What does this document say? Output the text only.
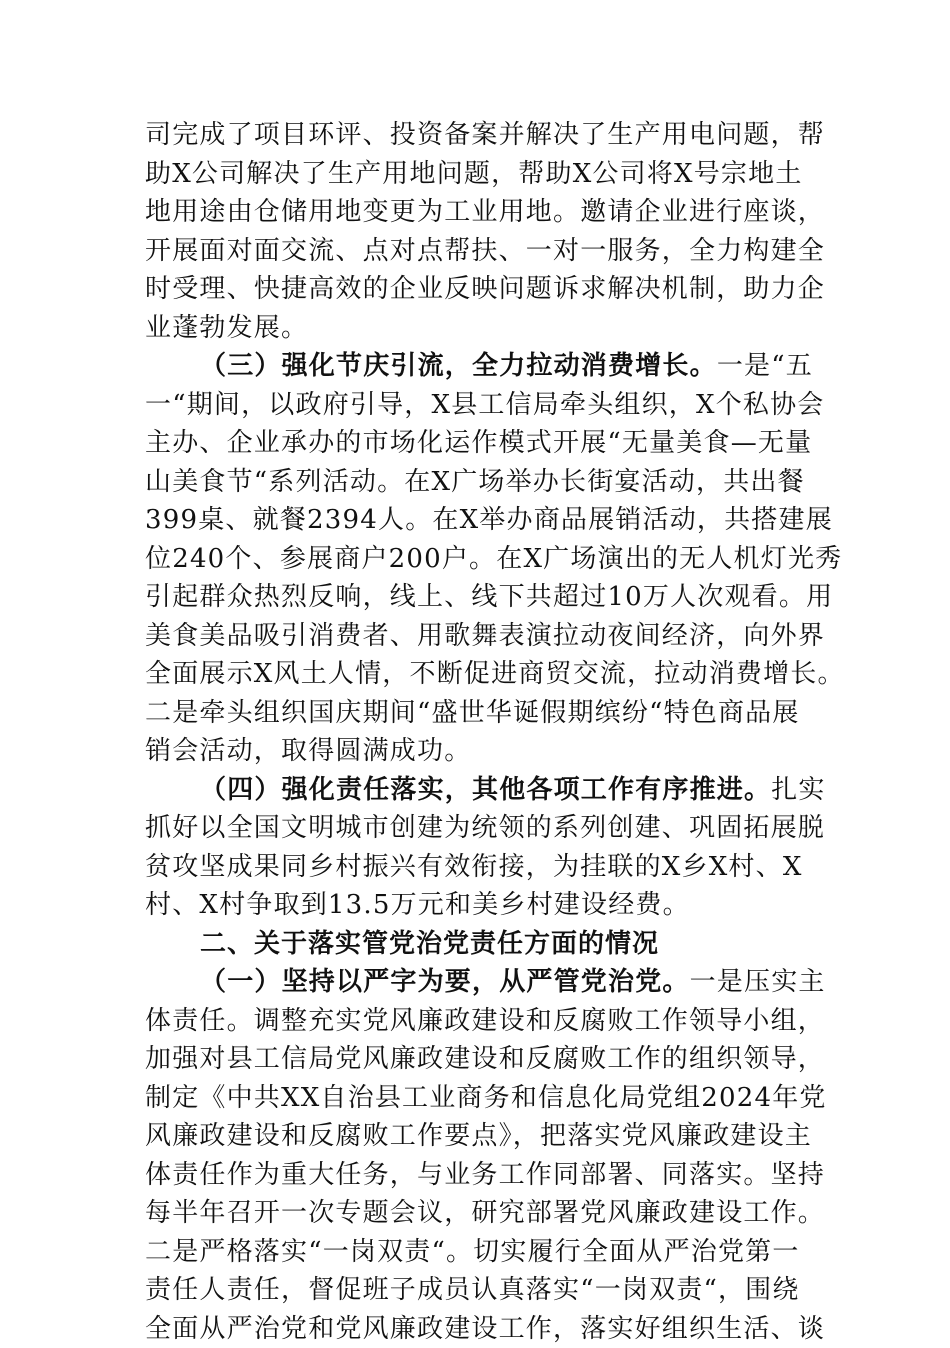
司完成了项目环评、投资备案并解决了生产用电问题，帮
助X公司解决了生产用地问题，帮助X公司将X号宗地土
地用途由仓储用地变更为工业用地。邀请企业进行座谈，
开展面对面交流、点对点帮扶、一对一服务，全力构建全
时受理、快捷高效的企业反映问题诉求解决机制，助力企
业蓬勃发展。
（三）强化节庆引流，全力拉动消费增长。一是“五
一“期间，以政府引导，X县工信局牵头组织，X个私协会
主办、企业承办的市场化运作模式开展“无量美食—无量
山美食节“系列活动。在X广场举办长街宴活动，共出餐
399桌、就餐2394人。在X举办商品展销活动，共搭建展
位240个、参展商户200户。在X广场演出的无人机灯光秀
引起群众热烈反响，线上、线下共超过10万人次观看。用
美食美品吸引消费者、用歌舞表演拉动夜间经济，向外界
全面展示X风土人情，不断促进商贸交流，拉动消费增长。
二是牵头组织国庆期间“盛世华诞假期缤纷“特色商品展
销会活动，取得圆满成功。
（四）强化责任落实，其他各项工作有序推进。扎实
抓好以全国文明城市创建为统领的系列创建、巩固拓展脱
贫攻坚成果同乡村振兴有效衔接，为挂联的X乡X村、X
村、X村争取到13.5万元和美乡村建设经费。
二、关于落实管党治党责任方面的情况
（一）坚持以严字为要，从严管党治党。一是压实主
体责任。调整充实党风廉政建设和反腐败工作领导小组，
加强对县工信局党风廉政建设和反腐败工作的组织领导，
制定《中共XX自治县工业商务和信息化局党组2024年党
风廉政建设和反腐败工作要点》，把落实党风廉政建设主
体责任作为重大任务，与业务工作同部署、同落实。坚持
每半年召开一次专题会议，研究部署党风廉政建设工作。
二是严格落实“一岗双责“。切实履行全面从严治党第一
责任人责任，督促班子成员认真落实“一岗双责“，围绕
全面从严治党和党风廉政建设工作，落实好组织生活、谈
